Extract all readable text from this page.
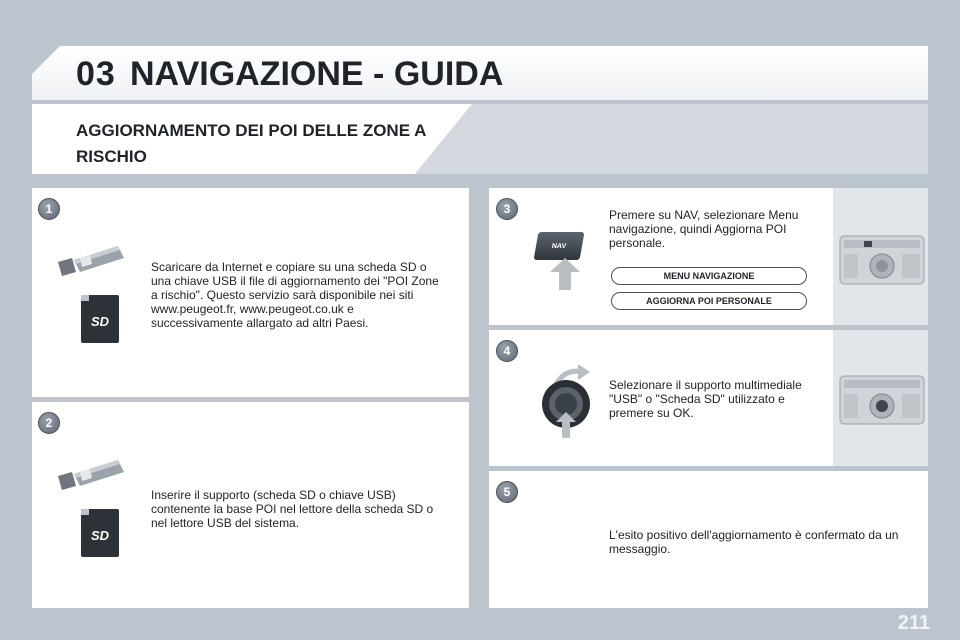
03 NAVIGAZIONE - GUIDA
AGGIORNAMENTO DEI POI DELLE ZONE A RISCHIO
1
SD
Scaricare da Internet e copiare su una scheda SD o una chiave USB il file di aggiornamento dei "POI Zone a rischio". Questo servizio sarà disponibile nei siti www.peugeot.fr, www.peugeot.co.uk e successivamente allargato ad altri Paesi.
2
SD
Inserire il supporto (scheda SD o chiave USB) contenente la base POI nel lettore della scheda SD o nel lettore USB del sistema.
3
NAV
Premere su NAV, selezionare Menu navigazione, quindi Aggiorna POI personale.
MENU NAVIGAZIONE
AGGIORNA POI PERSONALE
4
Selezionare il supporto multimediale "USB" o "Scheda SD" utilizzato e premere su OK.
5
L'esito positivo dell'aggiornamento è confermato da un messaggio.
211
